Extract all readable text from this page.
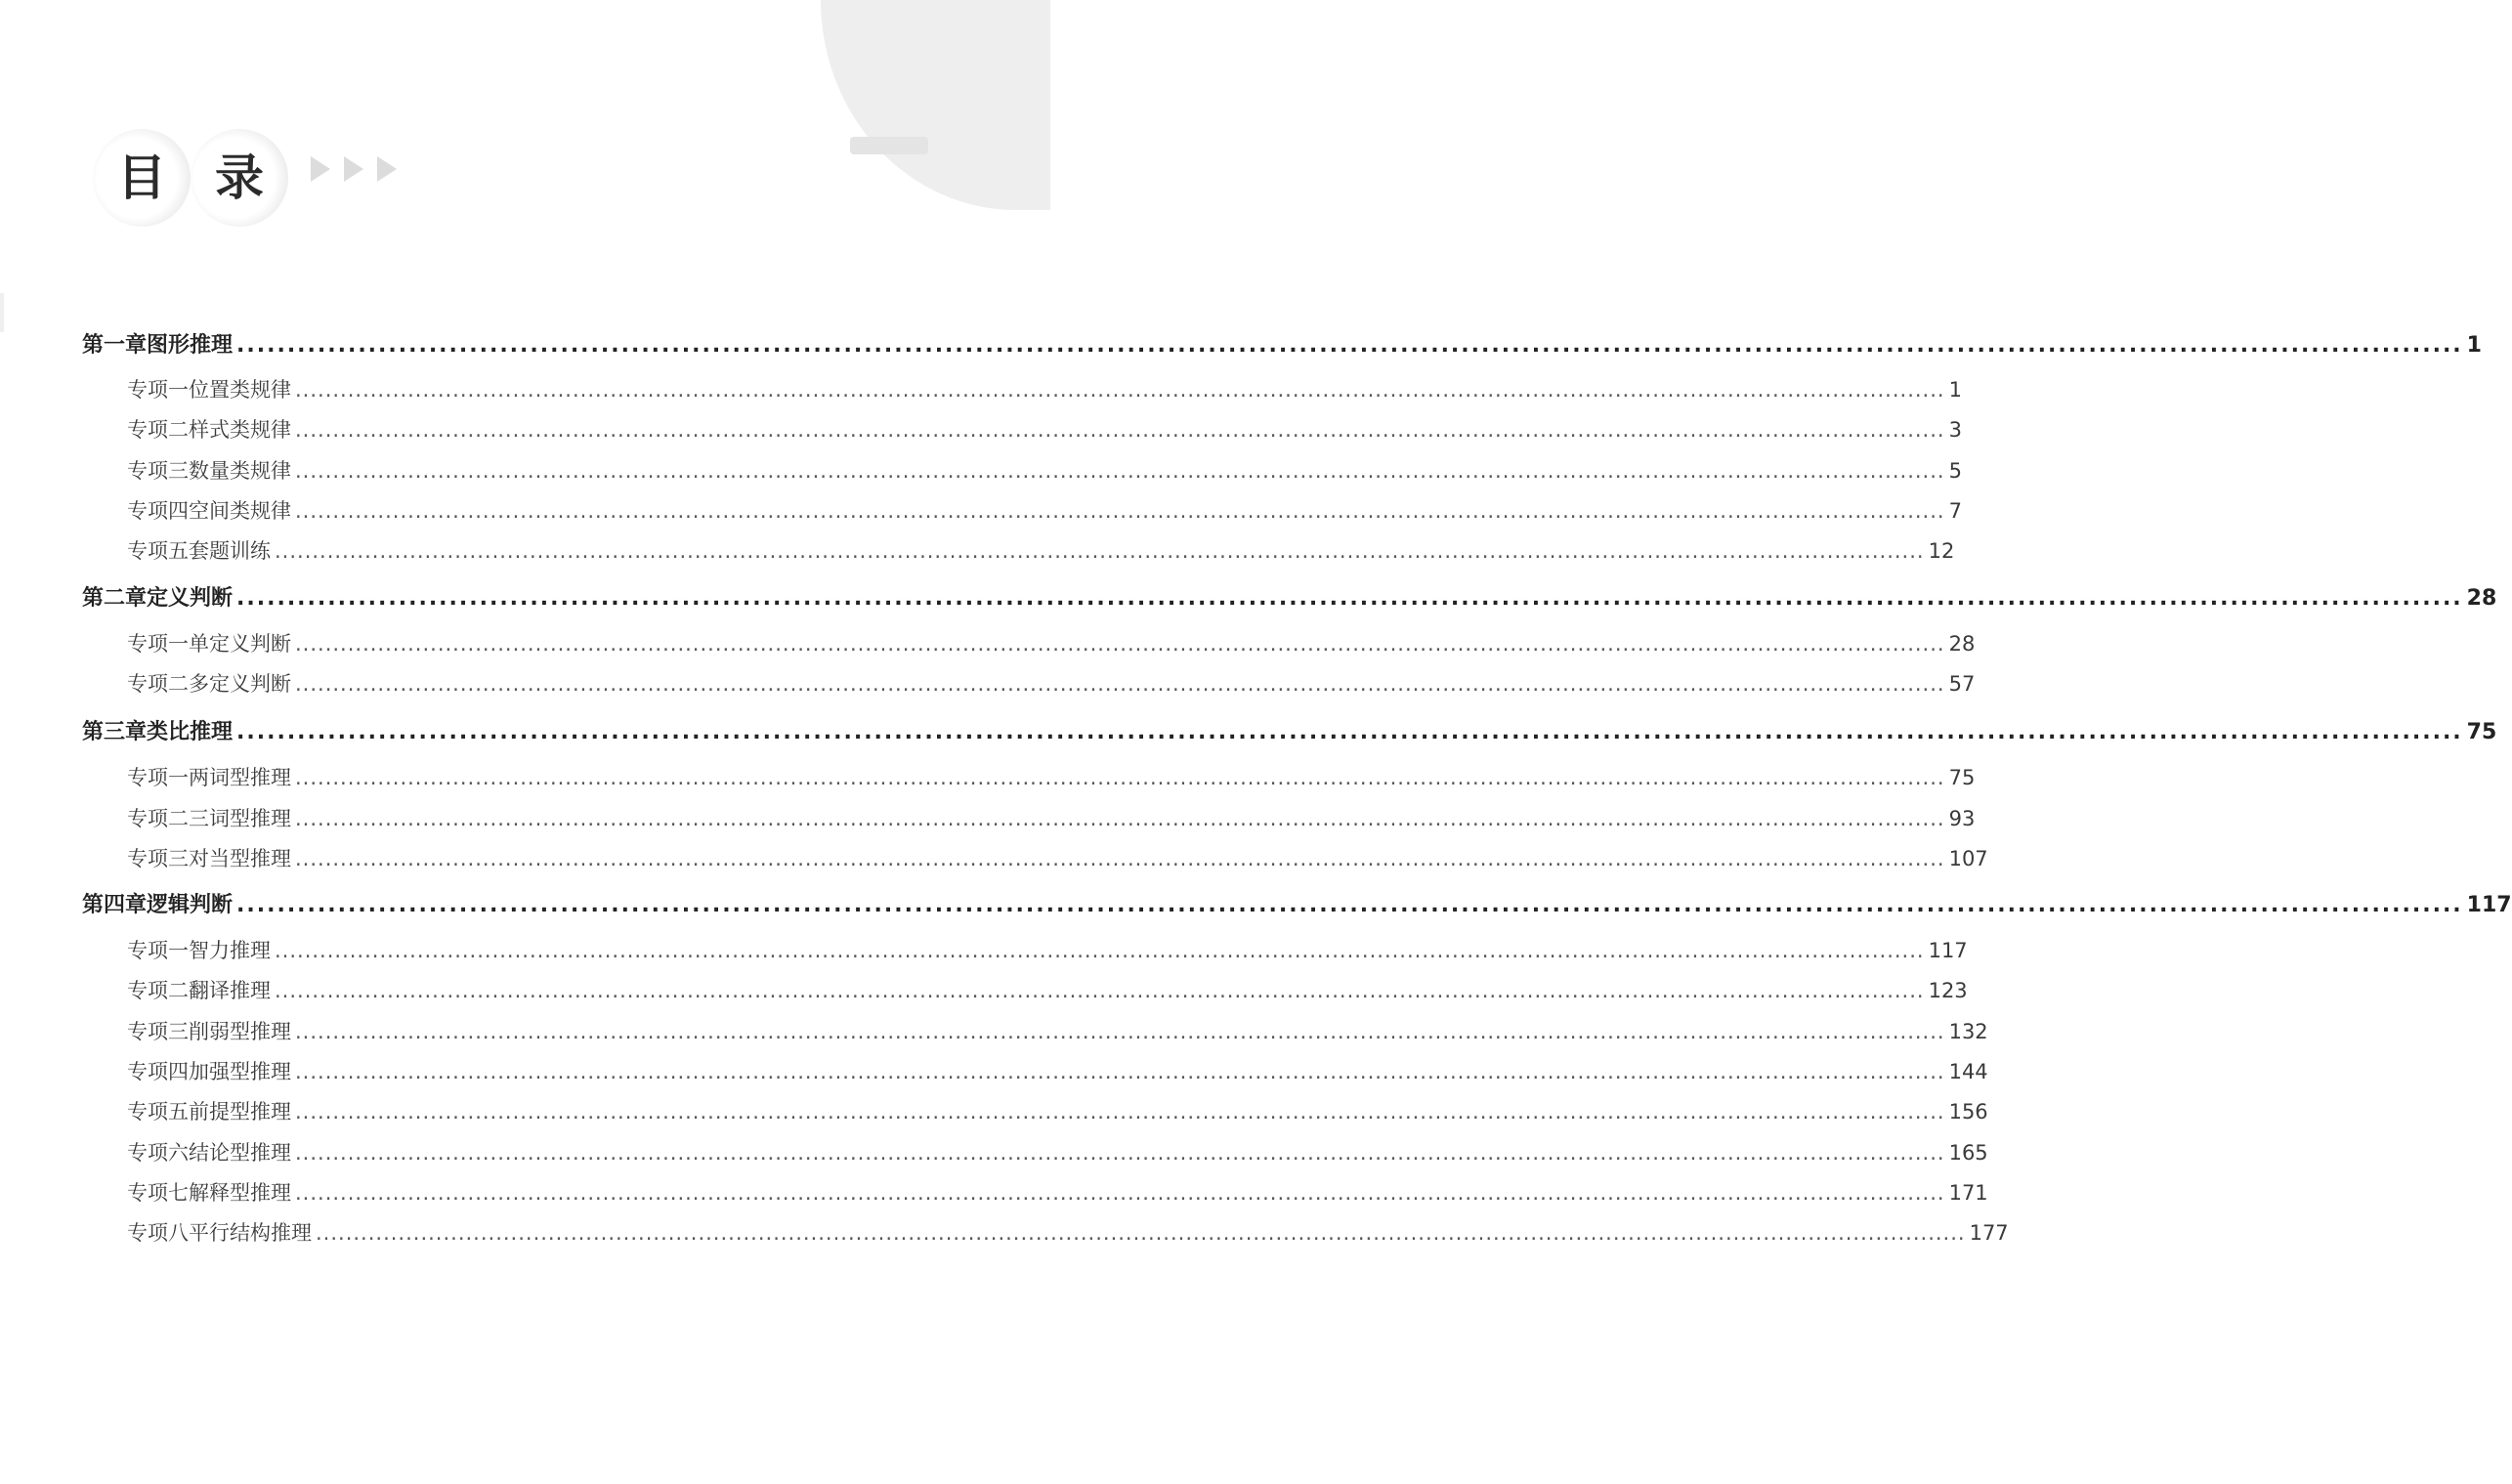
目	录
第一章 图形推理 ............................................................................................................................................................................................................................ 1
专项一 位置类规律 ............................................................................................................................................................................................................................ 1
专项二 样式类规律 ............................................................................................................................................................................................................................ 3
专项三 数量类规律 ............................................................................................................................................................................................................................ 5
专项四 空间类规律 ............................................................................................................................................................................................................................ 7
专项五 套题训练 ............................................................................................................................................................................................................................ 12
第二章 定义判断 ............................................................................................................................................................................................................................ 28
专项一 单定义判断 ............................................................................................................................................................................................................................ 28
专项二 多定义判断 ............................................................................................................................................................................................................................ 57
第三章 类比推理 ............................................................................................................................................................................................................................ 75
专项一 两词型推理 ............................................................................................................................................................................................................................ 75
专项二 三词型推理 ............................................................................................................................................................................................................................ 93
专项三 对当型推理 ............................................................................................................................................................................................................................ 107
第四章 逻辑判断 ............................................................................................................................................................................................................................ 117
专项一 智力推理 ............................................................................................................................................................................................................................ 117
专项二 翻译推理 ............................................................................................................................................................................................................................ 123
专项三 削弱型推理 ............................................................................................................................................................................................................................ 132
专项四 加强型推理 ............................................................................................................................................................................................................................ 144
专项五 前提型推理 ............................................................................................................................................................................................................................ 156
专项六 结论型推理 ............................................................................................................................................................................................................................ 165
专项七 解释型推理 ............................................................................................................................................................................................................................ 171
专项八 平行结构推理 ............................................................................................................................................................................................................................ 177
